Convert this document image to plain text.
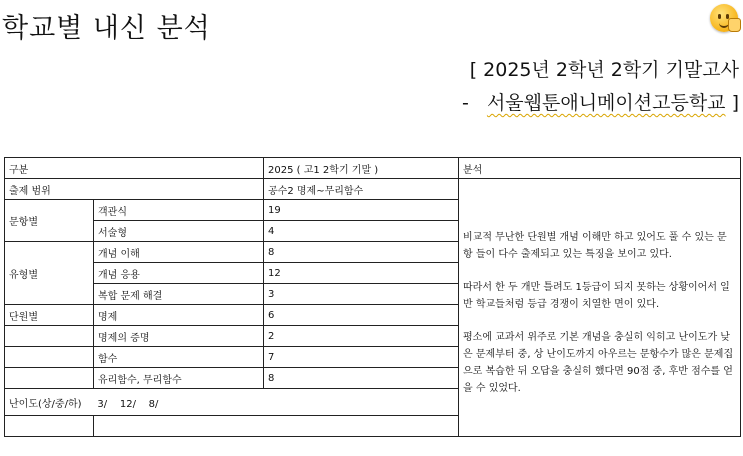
학교별 내신 분석
[ 2025년 2학년 2학기 기말고사
-   서울웹툰애니메이션고등학교 ]
구분		2025 ( 고1 2학기 기말 )	분석
출제 범위		공수2 명제~무리함수	비교적 무난한 단원별 개념 이해만 하고 있어도 풀 수 있는 문항 들이 다수 출제되고 있는 특징을 보이고 있다.

따라서 한 두 개만 틀려도 1등급이 되지 못하는 상황이어서 일반 학교들처럼 등급 경쟁이 치열한 면이 있다.

평소에 교과서 위주로 기본 개념을 충실히 익히고 난이도가 낮은 문제부터 중, 상 난이도까지 아우르는 문항수가 많은 문제집으로 복습한 뒤 오답을 충실히 했다면 90점 중, 후반 점수를 얻을 수 있었다.

문항별	객관식	19	
	서술형	4	
유형별	개념 이해	8	
	개념 응용	12	
	복합 문제 해결	3	
단원별	명제	6	
	명제의 증명	2	
	함수	7	
	유리함수, 무리함수	8	
난이도(상/중/하) 3/    12/    8/			
